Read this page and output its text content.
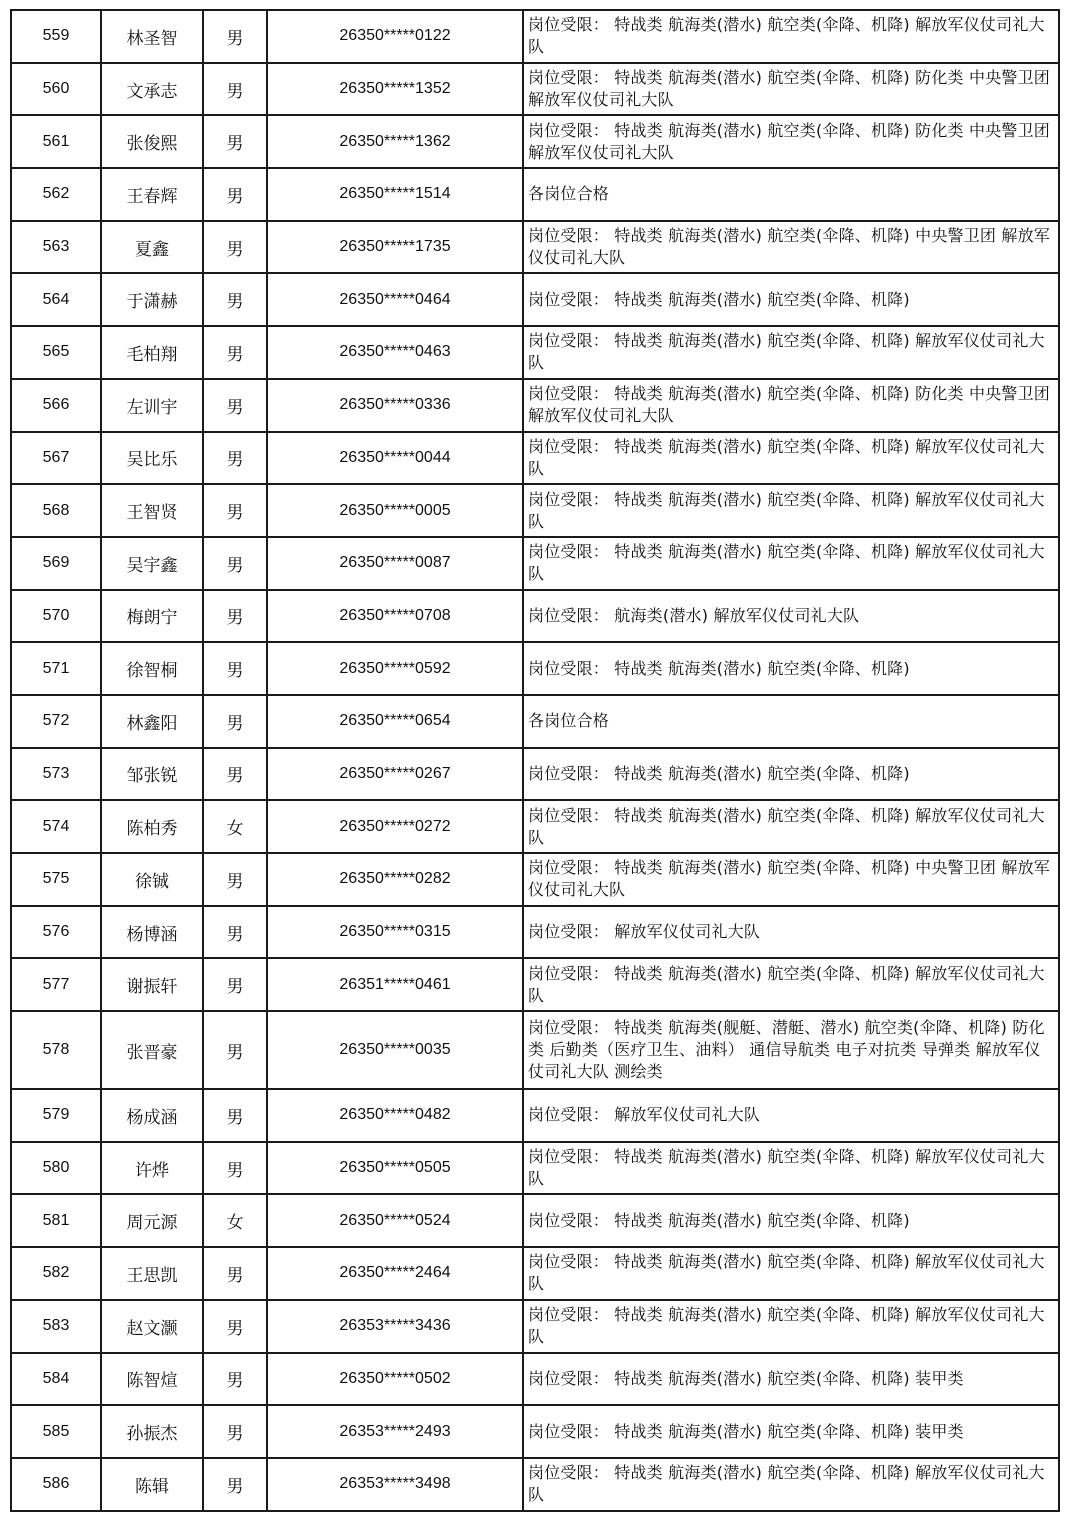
559	林圣智	男	26350*****0122	岗位受限： 特战类 航海类(潜水) 航空类(伞降、机降) 解放军仪仗司礼大队
560	文承志	男	26350*****1352	岗位受限： 特战类 航海类(潜水) 航空类(伞降、机降) 防化类 中央警卫团 解放军仪仗司礼大队
561	张俊熙	男	26350*****1362	岗位受限： 特战类 航海类(潜水) 航空类(伞降、机降) 防化类 中央警卫团 解放军仪仗司礼大队
562	王春辉	男	26350*****1514	各岗位合格
563	夏鑫	男	26350*****1735	岗位受限： 特战类 航海类(潜水) 航空类(伞降、机降) 中央警卫团 解放军仪仗司礼大队
564	于潇赫	男	26350*****0464	岗位受限： 特战类 航海类(潜水) 航空类(伞降、机降)
565	毛柏翔	男	26350*****0463	岗位受限： 特战类 航海类(潜水) 航空类(伞降、机降) 解放军仪仗司礼大队
566	左训宇	男	26350*****0336	岗位受限： 特战类 航海类(潜水) 航空类(伞降、机降) 防化类 中央警卫团 解放军仪仗司礼大队
567	吴比乐	男	26350*****0044	岗位受限： 特战类 航海类(潜水) 航空类(伞降、机降) 解放军仪仗司礼大队
568	王智贤	男	26350*****0005	岗位受限： 特战类 航海类(潜水) 航空类(伞降、机降) 解放军仪仗司礼大队
569	吴宇鑫	男	26350*****0087	岗位受限： 特战类 航海类(潜水) 航空类(伞降、机降) 解放军仪仗司礼大队
570	梅朗宁	男	26350*****0708	岗位受限： 航海类(潜水) 解放军仪仗司礼大队
571	徐智桐	男	26350*****0592	岗位受限： 特战类 航海类(潜水) 航空类(伞降、机降)
572	林鑫阳	男	26350*****0654	各岗位合格
573	邹张锐	男	26350*****0267	岗位受限： 特战类 航海类(潜水) 航空类(伞降、机降)
574	陈柏秀	女	26350*****0272	岗位受限： 特战类 航海类(潜水) 航空类(伞降、机降) 解放军仪仗司礼大队
575	徐铖	男	26350*****0282	岗位受限： 特战类 航海类(潜水) 航空类(伞降、机降) 中央警卫团 解放军仪仗司礼大队
576	杨博涵	男	26350*****0315	岗位受限： 解放军仪仗司礼大队
577	谢振轩	男	26351*****0461	岗位受限： 特战类 航海类(潜水) 航空类(伞降、机降) 解放军仪仗司礼大队
578	张晋豪	男	26350*****0035	岗位受限： 特战类 航海类(舰艇、潜艇、潜水) 航空类(伞降、机降) 防化类 后勤类（医疗卫生、油料） 通信导航类 电子对抗类 导弹类 解放军仪仗司礼大队 测绘类
579	杨成涵	男	26350*****0482	岗位受限： 解放军仪仗司礼大队
580	许烨	男	26350*****0505	岗位受限： 特战类 航海类(潜水) 航空类(伞降、机降) 解放军仪仗司礼大队
581	周元源	女	26350*****0524	岗位受限： 特战类 航海类(潜水) 航空类(伞降、机降)
582	王思凯	男	26350*****2464	岗位受限： 特战类 航海类(潜水) 航空类(伞降、机降) 解放军仪仗司礼大队
583	赵文灏	男	26353*****3436	岗位受限： 特战类 航海类(潜水) 航空类(伞降、机降) 解放军仪仗司礼大队
584	陈智煊	男	26350*****0502	岗位受限： 特战类 航海类(潜水) 航空类(伞降、机降) 装甲类
585	孙振杰	男	26353*****2493	岗位受限： 特战类 航海类(潜水) 航空类(伞降、机降) 装甲类
586	陈辑	男	26353*****3498	岗位受限： 特战类 航海类(潜水) 航空类(伞降、机降) 解放军仪仗司礼大队
